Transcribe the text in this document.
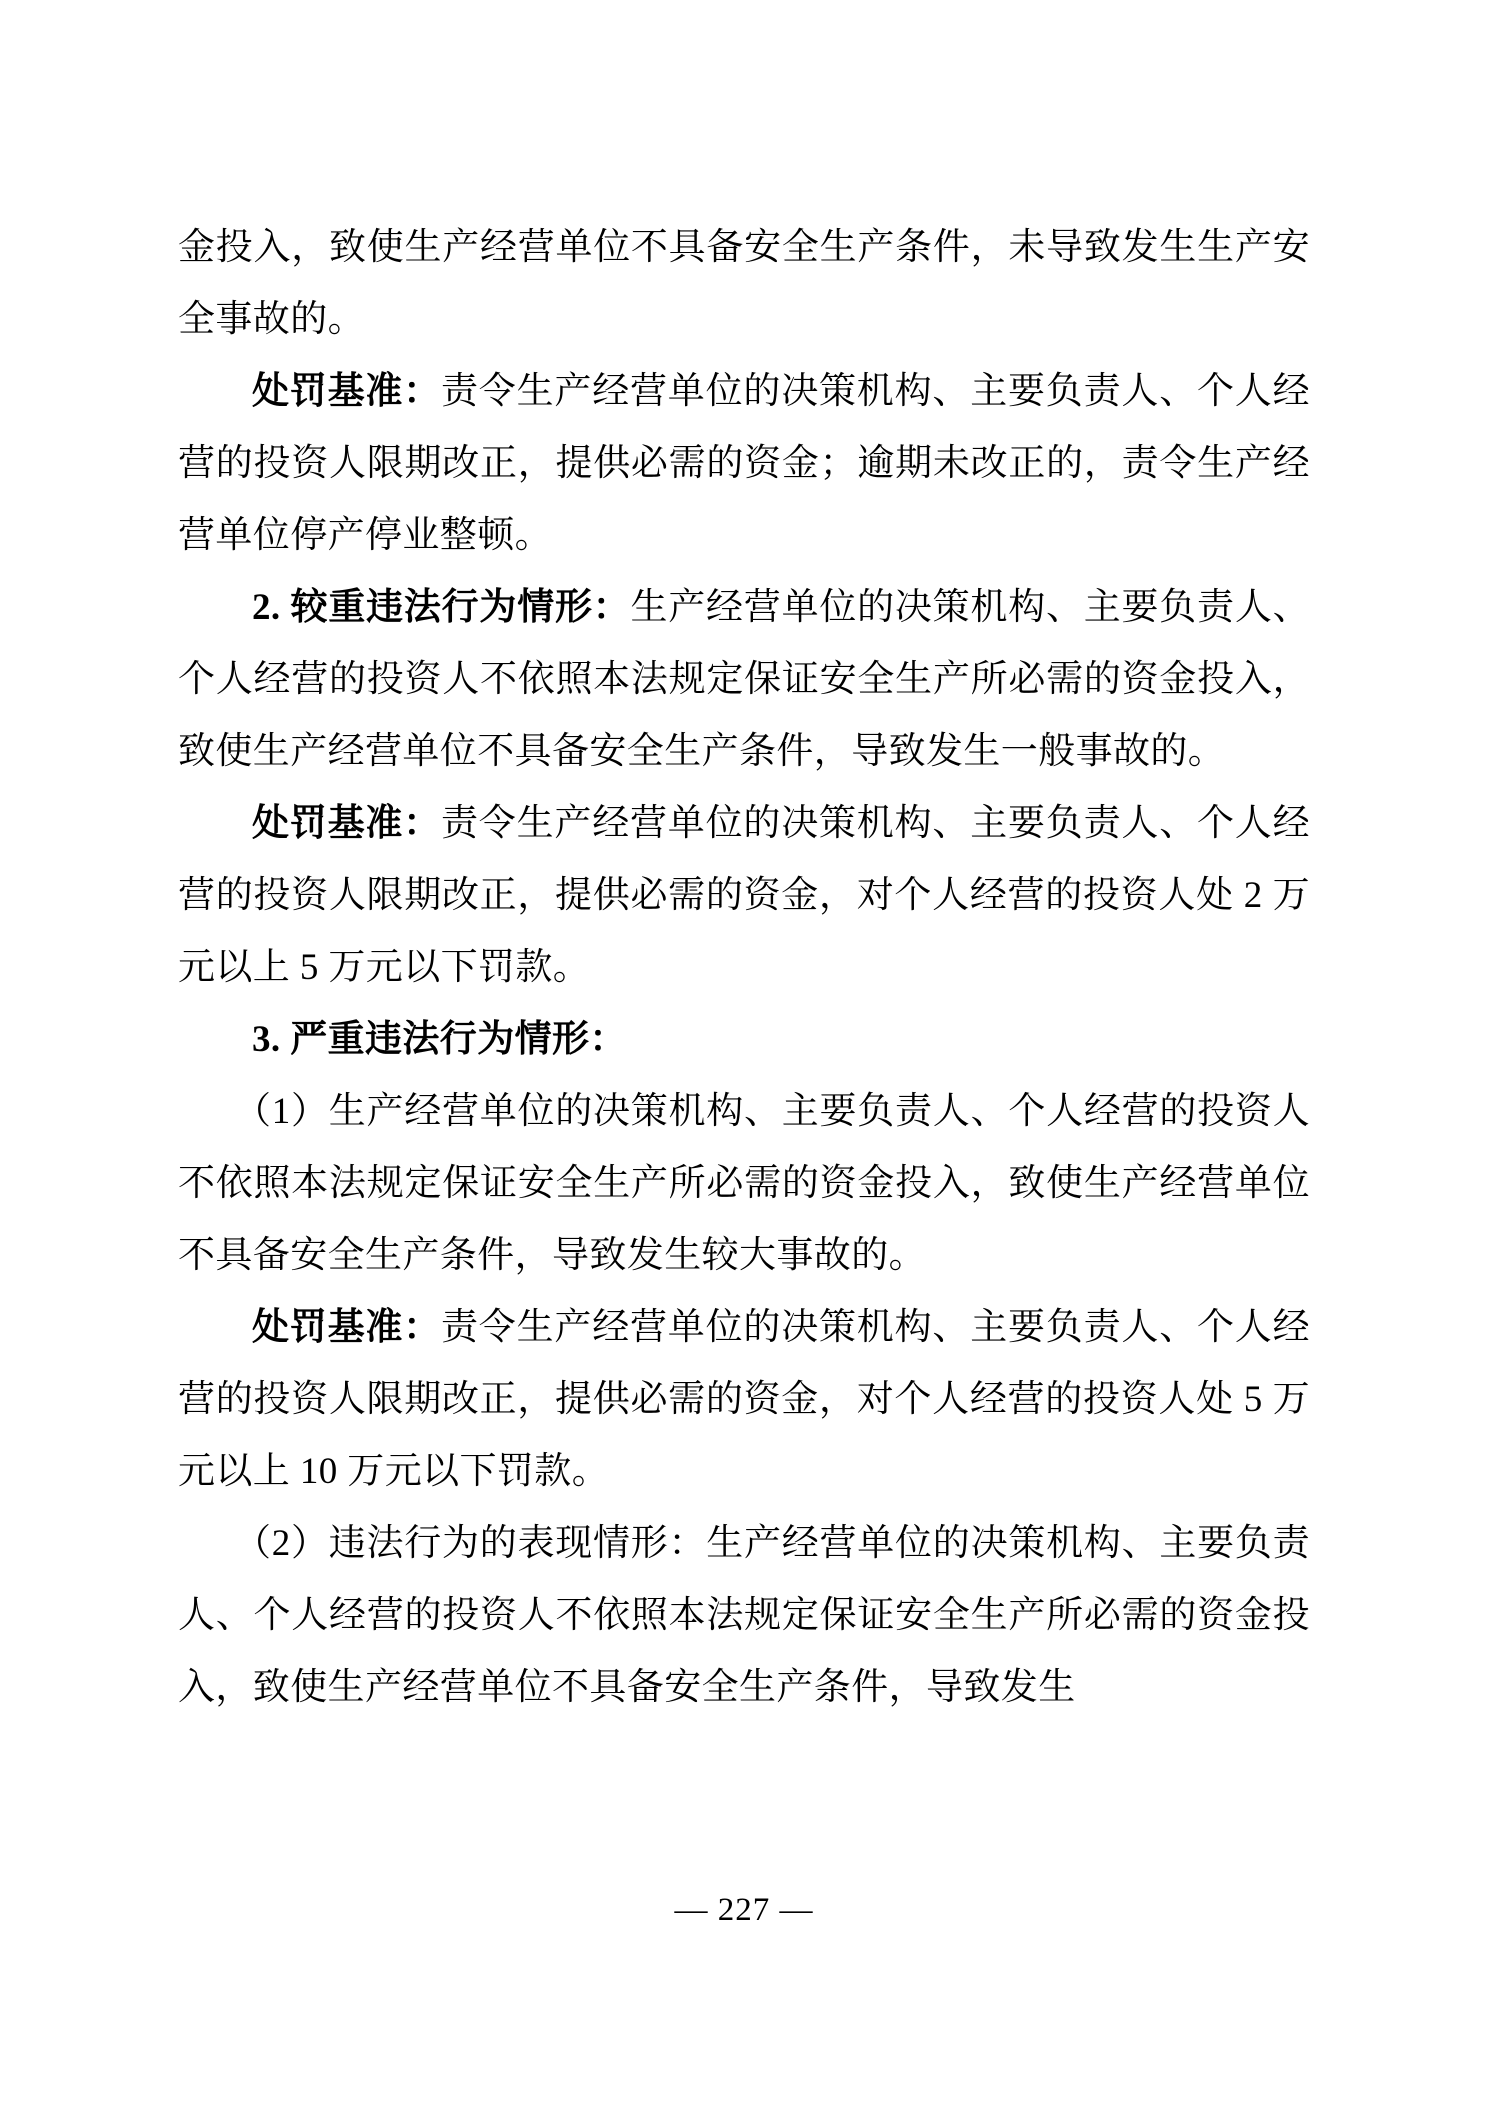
金投入，致使生产经营单位不具备安全生产条件，未导致发生生产安全事故的。

处罚基准：责令生产经营单位的决策机构、主要负责人、个人经营的投资人限期改正，提供必需的资金；逾期未改正的，责令生产经营单位停产停业整顿。

2. 较重违法行为情形：生产经营单位的决策机构、主要负责人、个人经营的投资人不依照本法规定保证安全生产所必需的资金投入，致使生产经营单位不具备安全生产条件，导致发生一般事故的。

处罚基准：责令生产经营单位的决策机构、主要负责人、个人经营的投资人限期改正，提供必需的资金，对个人经营的投资人处 2 万元以上 5 万元以下罚款。

3. 严重违法行为情形：

（1）生产经营单位的决策机构、主要负责人、个人经营的投资人不依照本法规定保证安全生产所必需的资金投入，致使生产经营单位不具备安全生产条件，导致发生较大事故的。

处罚基准：责令生产经营单位的决策机构、主要负责人、个人经营的投资人限期改正，提供必需的资金，对个人经营的投资人处 5 万元以上 10 万元以下罚款。

（2）违法行为的表现情形：生产经营单位的决策机构、主要负责人、个人经营的投资人不依照本法规定保证安全生产所必需的资金投入，致使生产经营单位不具备安全生产条件，导致发生

— 227 —
